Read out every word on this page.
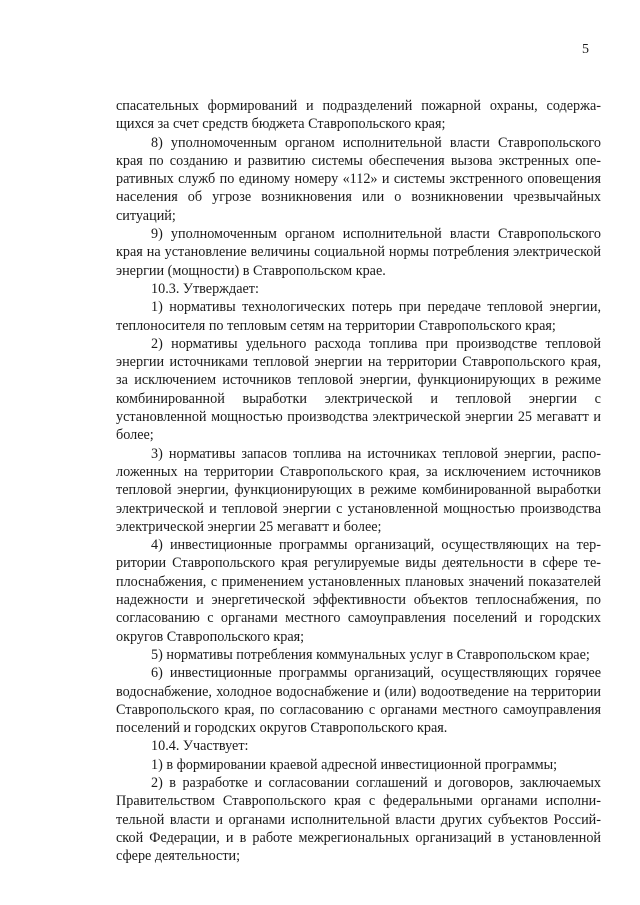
5

спасательных формирований и подразделений пожарной охраны, содержащихся за счет средств бюджета Ставропольского края;

8) уполномоченным органом исполнительной власти Ставропольского края по созданию и развитию системы обеспечения вызова экстренных оперативных служб по единому номеру «112» и системы экстренного оповещения населения об угрозе возникновения или о возникновении чрезвычайных ситуаций;

9) уполномоченным органом исполнительной власти Ставропольского края на установление величины социальной нормы потребления электрической энергии (мощности) в Ставропольском крае.

10.3. Утверждает:

1) нормативы технологических потерь при передаче тепловой энергии, теплоносителя по тепловым сетям на территории Ставропольского края;

2) нормативы удельного расхода топлива при производстве тепловой энергии источниками тепловой энергии на территории Ставропольского края, за исключением источников тепловой энергии, функционирующих в режиме комбинированной выработки электрической и тепловой энергии с установленной мощностью производства электрической энергии 25 мегаватт и более;

3) нормативы запасов топлива на источниках тепловой энергии, расположенных на территории Ставропольского края, за исключением источников тепловой энергии, функционирующих в режиме комбинированной выработки электрической и тепловой энергии с установленной мощностью производства электрической энергии 25 мегаватт и более;

4) инвестиционные программы организаций, осуществляющих на территории Ставропольского края регулируемые виды деятельности в сфере теплоснабжения, с применением установленных плановых значений показателей надежности и энергетической эффективности объектов теплоснабжения, по согласованию с органами местного самоуправления поселений и городских округов Ставропольского края;

5) нормативы потребления коммунальных услуг в Ставропольском крае;

6) инвестиционные программы организаций, осуществляющих горячее водоснабжение, холодное водоснабжение и (или) водоотведение на территории Ставропольского края, по согласованию с органами местного самоуправления поселений и городских округов Ставропольского края.

10.4. Участвует:

1) в формировании краевой адресной инвестиционной программы;

2) в разработке и согласовании соглашений и договоров, заключаемых Правительством Ставропольского края с федеральными органами исполнительной власти и органами исполнительной власти других субъектов Российской Федерации, и в работе межрегиональных организаций в установленной сфере деятельности;
